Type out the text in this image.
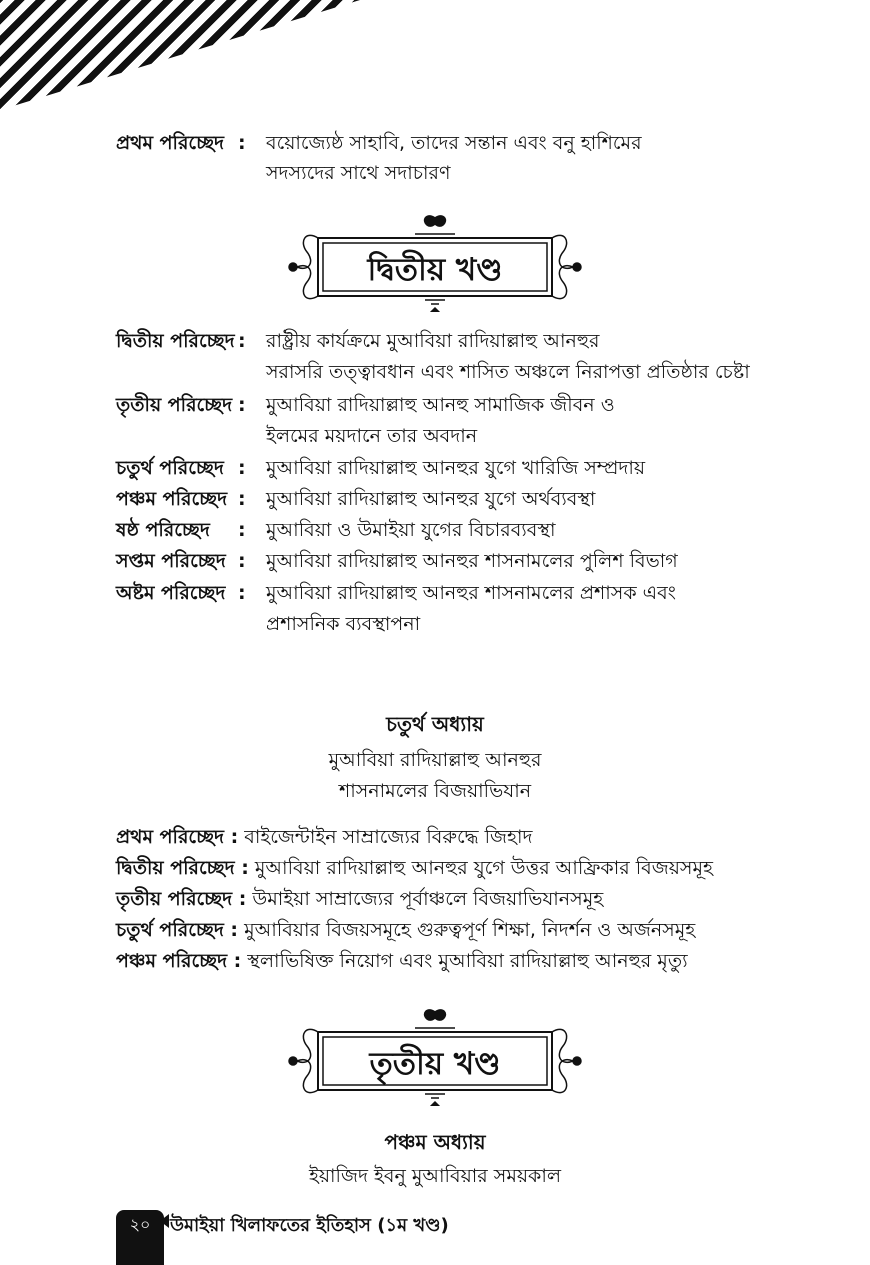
প্রথম পরিচ্ছেদ : বয়োজ্যেষ্ঠ সাহাবি, তাদের সন্তান এবং বনু হাশিমের
সদস্যদের সাথে সদাচারণ
দ্বিতীয় খণ্ড
দ্বিতীয় পরিচ্ছেদ : রাষ্ট্রীয় কার্যক্রমে মুআবিয়া রাদিয়াল্লাহু আনহুর
সরাসরি তত্ত্বাবধান এবং শাসিত অঞ্চলে নিরাপত্তা প্রতিষ্ঠার চেষ্টা
তৃতীয় পরিচ্ছেদ : মুআবিয়া রাদিয়াল্লাহু আনহু সামাজিক জীবন ও
ইলমের ময়দানে তার অবদান
চতুর্থ পরিচ্ছেদ : মুআবিয়া রাদিয়াল্লাহু আনহুর যুগে খারিজি সম্প্রদায়
পঞ্চম পরিচ্ছেদ : মুআবিয়া রাদিয়াল্লাহু আনহুর যুগে অর্থব্যবস্থা
ষষ্ঠ পরিচ্ছেদ : মুআবিয়া ও উমাইয়া যুগের বিচারব্যবস্থা
সপ্তম পরিচ্ছেদ : মুআবিয়া রাদিয়াল্লাহু আনহুর শাসনামলের পুলিশ বিভাগ
অষ্টম পরিচ্ছেদ : মুআবিয়া রাদিয়াল্লাহু আনহুর শাসনামলের প্রশাসক এবং
প্রশাসনিক ব্যবস্থাপনা
চতুর্থ অধ্যায়
মুআবিয়া রাদিয়াল্লাহু আনহুর
শাসনামলের বিজয়াভিযান
প্রথম পরিচ্ছেদ : বাইজেন্টাইন সাম্রাজ্যের বিরুদ্ধে জিহাদ
দ্বিতীয় পরিচ্ছেদ : মুআবিয়া রাদিয়াল্লাহু আনহুর যুগে উত্তর আফ্রিকার বিজয়সমূহ
তৃতীয় পরিচ্ছেদ : উমাইয়া সাম্রাজ্যের পূর্বাঞ্চলে বিজয়াভিযানসমূহ
চতুর্থ পরিচ্ছেদ : মুআবিয়ার বিজয়সমূহে গুরুত্বপূর্ণ শিক্ষা, নিদর্শন ও অর্জনসমূহ
পঞ্চম পরিচ্ছেদ : স্থলাভিষিক্ত নিয়োগ এবং মুআবিয়া রাদিয়াল্লাহু আনহুর মৃত্যু
তৃতীয় খণ্ড
পঞ্চম অধ্যায়
ইয়াজিদ ইবনু মুআবিয়ার সময়কাল
২০	উমাইয়া খিলাফতের ইতিহাস (১ম খণ্ড)
